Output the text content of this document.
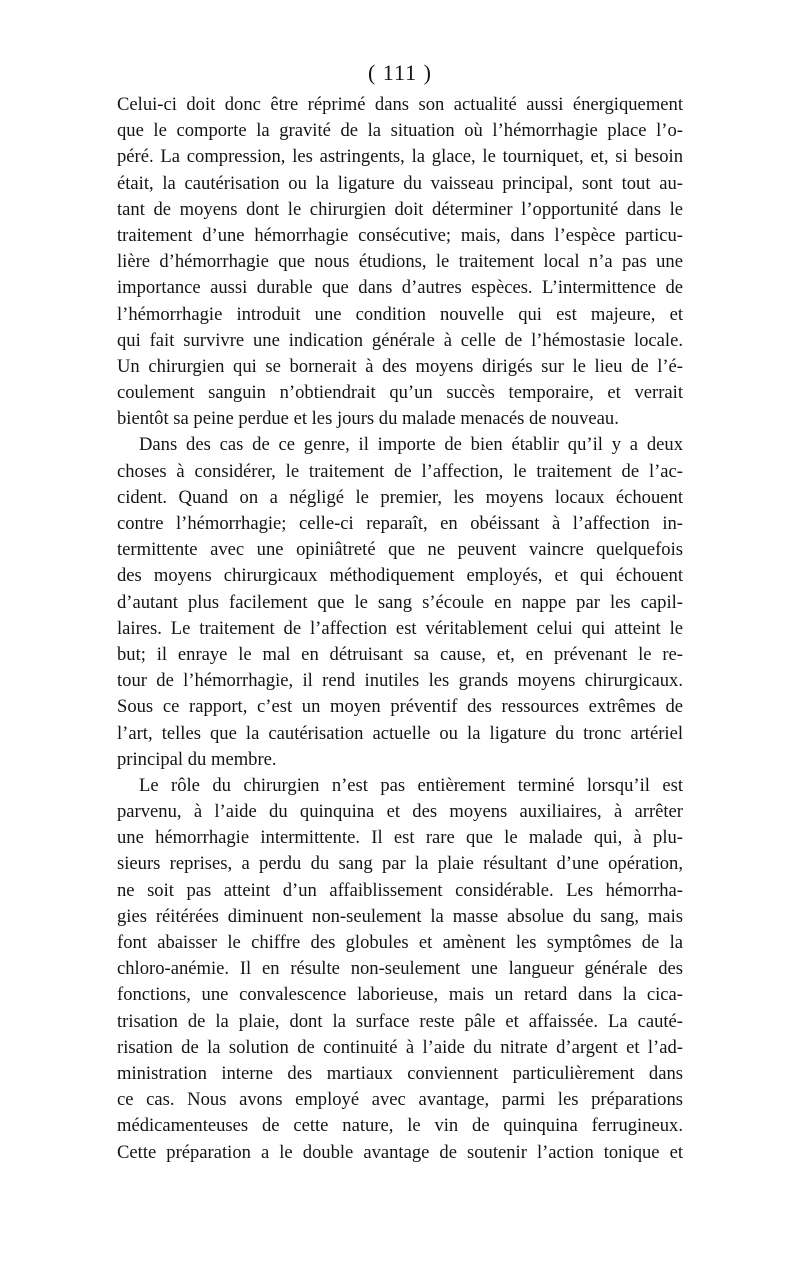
( 111 )
Celui-ci doit donc être réprimé dans son actualité aussi énergiquement
que le comporte la gravité de la situation où l’hémorrhagie place l’o-
péré. La compression, les astringents, la glace, le tourniquet, et, si besoin
était, la cautérisation ou la ligature du vaisseau principal, sont tout au-
tant de moyens dont le chirurgien doit déterminer l’opportunité dans le
traitement d’une hémorrhagie consécutive; mais, dans l’espèce particu-
lière d’hémorrhagie que nous étudions, le traitement local n’a pas une
importance aussi durable que dans d’autres espèces. L’intermittence de
l’hémorrhagie introduit une condition nouvelle qui est majeure, et
qui fait survivre une indication générale à celle de l’hémostasie locale.
Un chirurgien qui se bornerait à des moyens dirigés sur le lieu de l’é-
coulement sanguin n’obtiendrait qu’un succès temporaire, et verrait
bientôt sa peine perdue et les jours du malade menacés de nouveau.
Dans des cas de ce genre, il importe de bien établir qu’il y a deux
choses à considérer, le traitement de l’affection, le traitement de l’ac-
cident. Quand on a négligé le premier, les moyens locaux échouent
contre l’hémorrhagie; celle-ci reparaît, en obéissant à l’affection in-
termittente avec une opiniâtreté que ne peuvent vaincre quelquefois
des moyens chirurgicaux méthodiquement employés, et qui échouent
d’autant plus facilement que le sang s’écoule en nappe par les capil-
laires. Le traitement de l’affection est véritablement celui qui atteint le
but; il enraye le mal en détruisant sa cause, et, en prévenant le re-
tour de l’hémorrhagie, il rend inutiles les grands moyens chirurgicaux.
Sous ce rapport, c’est un moyen préventif des ressources extrêmes de
l’art, telles que la cautérisation actuelle ou la ligature du tronc artériel
principal du membre.
Le rôle du chirurgien n’est pas entièrement terminé lorsqu’il est
parvenu, à l’aide du quinquina et des moyens auxiliaires, à arrêter
une hémorrhagie intermittente. Il est rare que le malade qui, à plu-
sieurs reprises, a perdu du sang par la plaie résultant d’une opération,
ne soit pas atteint d’un affaiblissement considérable. Les hémorrha-
gies réitérées diminuent non-seulement la masse absolue du sang, mais
font abaisser le chiffre des globules et amènent les symptômes de la
chloro-anémie. Il en résulte non-seulement une langueur générale des
fonctions, une convalescence laborieuse, mais un retard dans la cica-
trisation de la plaie, dont la surface reste pâle et affaissée. La cauté-
risation de la solution de continuité à l’aide du nitrate d’argent et l’ad-
ministration interne des martiaux conviennent particulièrement dans
ce cas. Nous avons employé avec avantage, parmi les préparations
médicamenteuses de cette nature, le vin de quinquina ferrugineux.
Cette préparation a le double avantage de soutenir l’action tonique et
